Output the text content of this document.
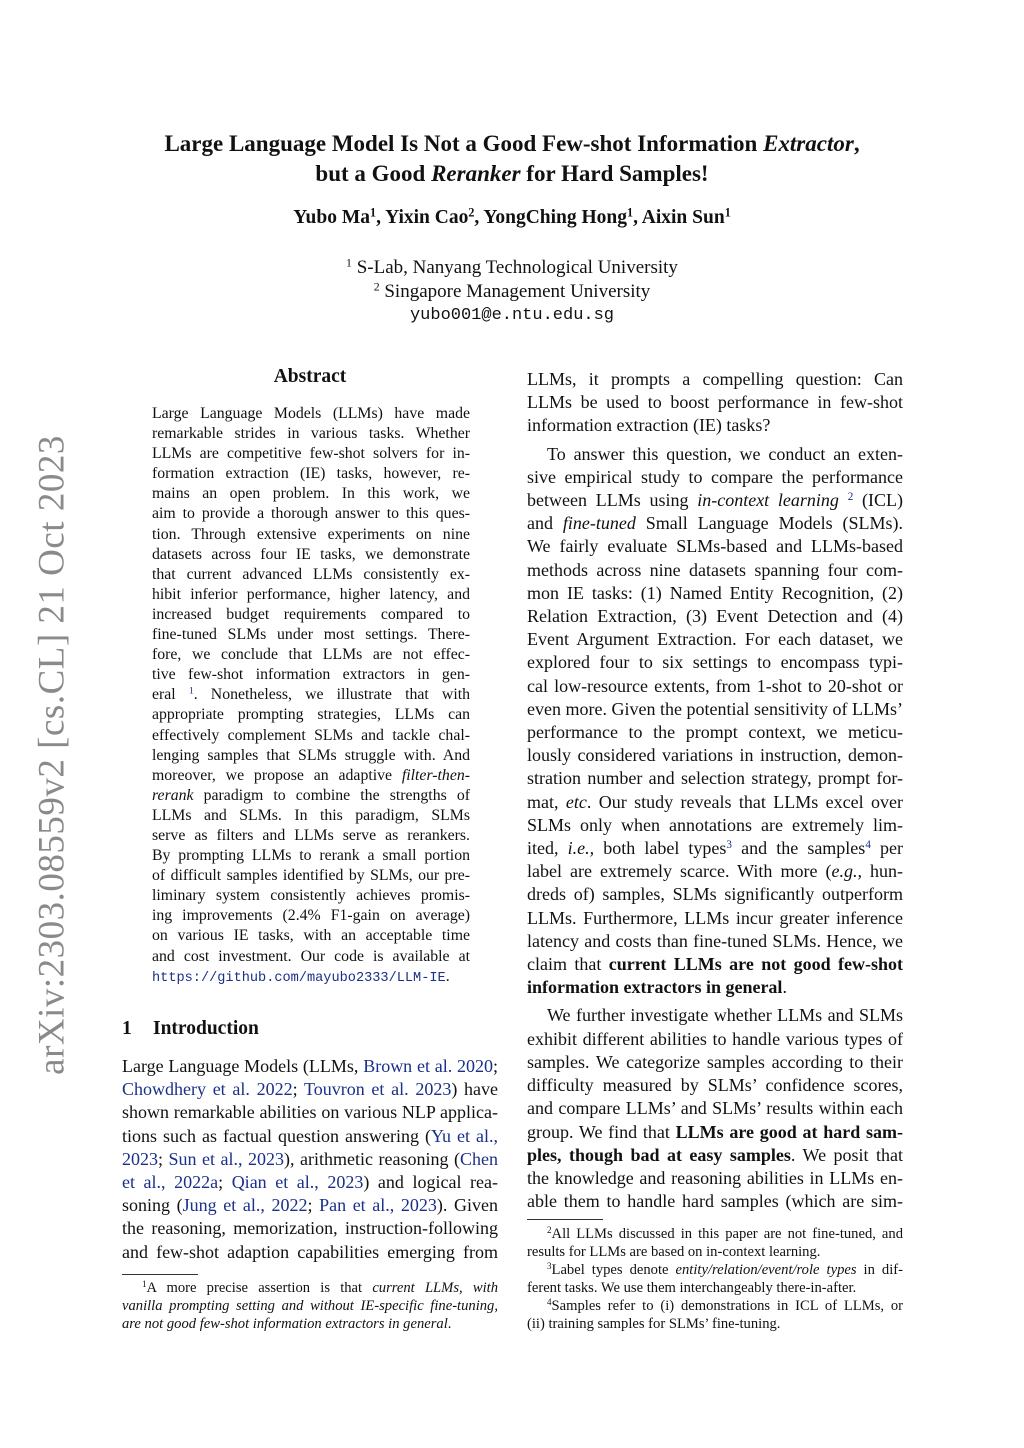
arXiv:2303.08559v2 [cs.CL] 21 Oct 2023
Large Language Model Is Not a Good Few-shot Information Extractor,
but a Good Reranker for Hard Samples!
Yubo Ma$^1$, Yixin Cao$^2$, YongChing Hong$^1$, Aixin Sun$^1$
$^1$ S-Lab, Nanyang Technological University
$^2$ Singapore Management University
yubo001@e.ntu.edu.sg
Abstract
Large Language Models (LLMs) have made
remarkable strides in various tasks. Whether
LLMs are competitive few-shot solvers for in-
formation extraction (IE) tasks, however, re-
mains an open problem. In this work, we
aim to provide a thorough answer to this ques-
tion. Through extensive experiments on nine
datasets across four IE tasks, we demonstrate
that current advanced LLMs consistently ex-
hibit inferior performance, higher latency, and
increased budget requirements compared to
fine-tuned SLMs under most settings. There-
fore, we conclude that LLMs are not effec-
tive few-shot information extractors in gen-
eral $^1$. Nonetheless, we illustrate that with
appropriate prompting strategies, LLMs can
effectively complement SLMs and tackle chal-
lenging samples that SLMs struggle with. And
moreover, we propose an adaptive filter-then-
rerank paradigm to combine the strengths of
LLMs and SLMs. In this paradigm, SLMs
serve as filters and LLMs serve as rerankers.
By prompting LLMs to rerank a small portion
of difficult samples identified by SLMs, our pre-
liminary system consistently achieves promis-
ing improvements (2.4% F1-gain on average)
on various IE tasks, with an acceptable time
and cost investment. Our code is available at
https://github.com/mayubo2333/LLM-IE.
1 Introduction
Large Language Models (LLMs, Brown et al. 2020;
Chowdhery et al. 2022; Touvron et al. 2023) have
shown remarkable abilities on various NLP applica-
tions such as factual question answering (Yu et al.,
2023; Sun et al., 2023), arithmetic reasoning (Chen
et al., 2022a; Qian et al., 2023) and logical rea-
soning (Jung et al., 2022; Pan et al., 2023). Given
the reasoning, memorization, instruction-following
and few-shot adaption capabilities emerging from
$^1$A more precise assertion is that current LLMs, with
vanilla prompting setting and without IE-specific fine-tuning,
are not good few-shot information extractors in general.
LLMs, it prompts a compelling question: Can
LLMs be used to boost performance in few-shot
information extraction (IE) tasks?
To answer this question, we conduct an exten-
sive empirical study to compare the performance
between LLMs using in-context learning $^2$ (ICL)
and fine-tuned Small Language Models (SLMs).
We fairly evaluate SLMs-based and LLMs-based
methods across nine datasets spanning four com-
mon IE tasks: (1) Named Entity Recognition, (2)
Relation Extraction, (3) Event Detection and (4)
Event Argument Extraction. For each dataset, we
explored four to six settings to encompass typi-
cal low-resource extents, from 1-shot to 20-shot or
even more. Given the potential sensitivity of LLMs’
performance to the prompt context, we meticu-
lously considered variations in instruction, demon-
stration number and selection strategy, prompt for-
mat, etc. Our study reveals that LLMs excel over
SLMs only when annotations are extremely lim-
ited, i.e., both label types$^3$ and the samples$^4$ per
label are extremely scarce. With more (e.g., hun-
dreds of) samples, SLMs significantly outperform
LLMs. Furthermore, LLMs incur greater inference
latency and costs than fine-tuned SLMs. Hence, we
claim that current LLMs are not good few-shot
information extractors in general.
We further investigate whether LLMs and SLMs
exhibit different abilities to handle various types of
samples. We categorize samples according to their
difficulty measured by SLMs’ confidence scores,
and compare LLMs’ and SLMs’ results within each
group. We find that LLMs are good at hard sam-
ples, though bad at easy samples. We posit that
the knowledge and reasoning abilities in LLMs en-
able them to handle hard samples (which are sim-
$^2$All LLMs discussed in this paper are not fine-tuned, and
results for LLMs are based on in-context learning.
$^3$Label types denote entity/relation/event/role types in dif-
ferent tasks. We use them interchangeably there-in-after.
$^4$Samples refer to (i) demonstrations in ICL of LLMs, or
(ii) training samples for SLMs’ fine-tuning.
